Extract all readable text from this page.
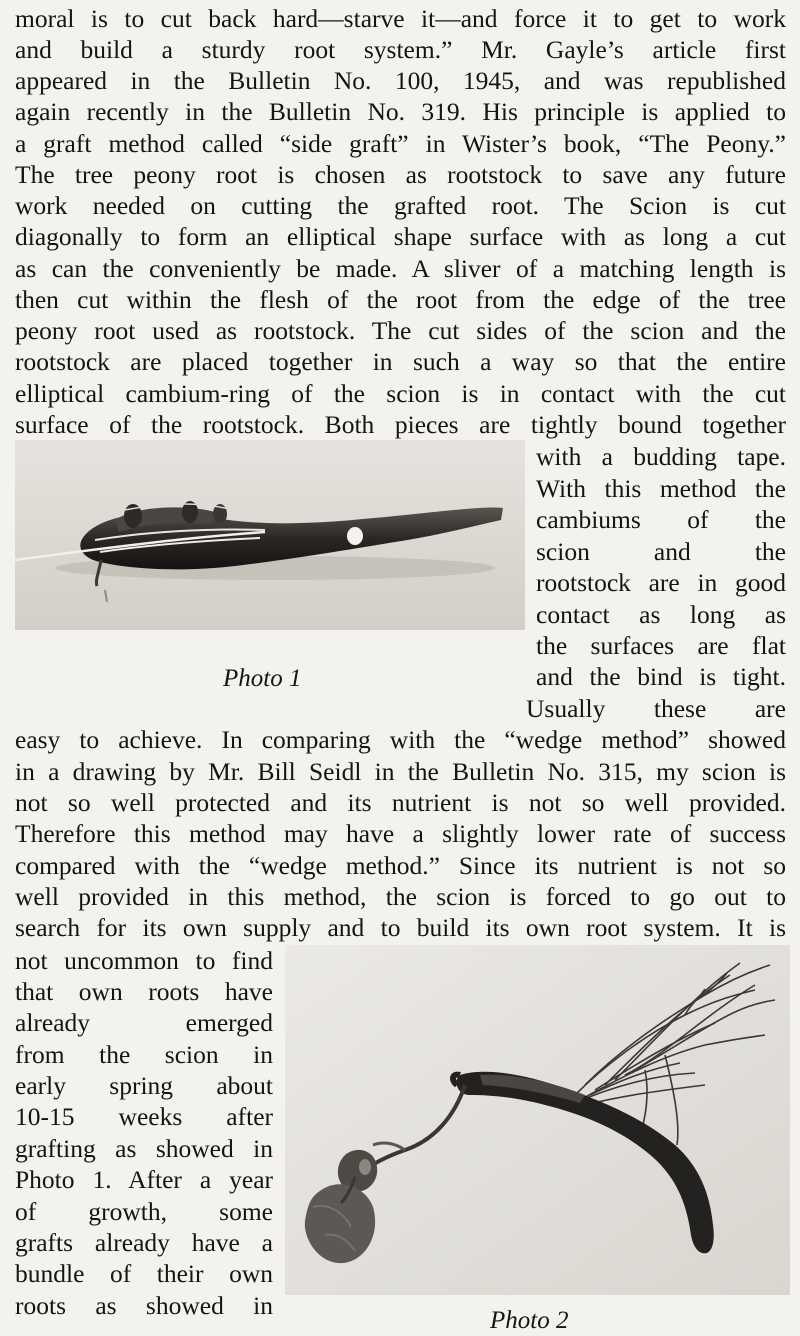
moral is to cut back hard—starve it—and force it to get to work
and build a sturdy root system.” Mr. Gayle’s article first
appeared in the Bulletin No. 100, 1945, and was republished
again recently in the Bulletin No. 319. His principle is applied to
a graft method called “side graft” in Wister’s book, “The Peony.”
The tree peony root is chosen as rootstock to save any future
work needed on cutting the grafted root. The Scion is cut
diagonally to form an elliptical shape surface with as long a cut
as can the conveniently be made. A sliver of a matching length is
then cut within the flesh of the root from the edge of the tree
peony root used as rootstock. The cut sides of the scion and the
rootstock are placed together in such a way so that the entire
elliptical cambium-ring of the scion is in contact with the cut
surface of the rootstock. Both pieces are tightly bound together
Photo 1
with a budding tape.
With this method the
cambiums of the
scion and the
rootstock are in good
contact as long as
the surfaces are flat
and the bind is tight.
Usually these are
easy to achieve. In comparing with the “wedge method” showed
in a drawing by Mr. Bill Seidl in the Bulletin No. 315, my scion is
not so well protected and its nutrient is not so well provided.
Therefore this method may have a slightly lower rate of success
compared with the “wedge method.” Since its nutrient is not so
well provided in this method, the scion is forced to go out to
search for its own supply and to build its own root system. It is
not uncommon to find
that own roots have
already emerged
from the scion in
early spring about
10-15 weeks after
grafting as showed in
Photo 1. After a year
of growth, some
grafts already have a
bundle of their own
roots as showed in
Photo 2
